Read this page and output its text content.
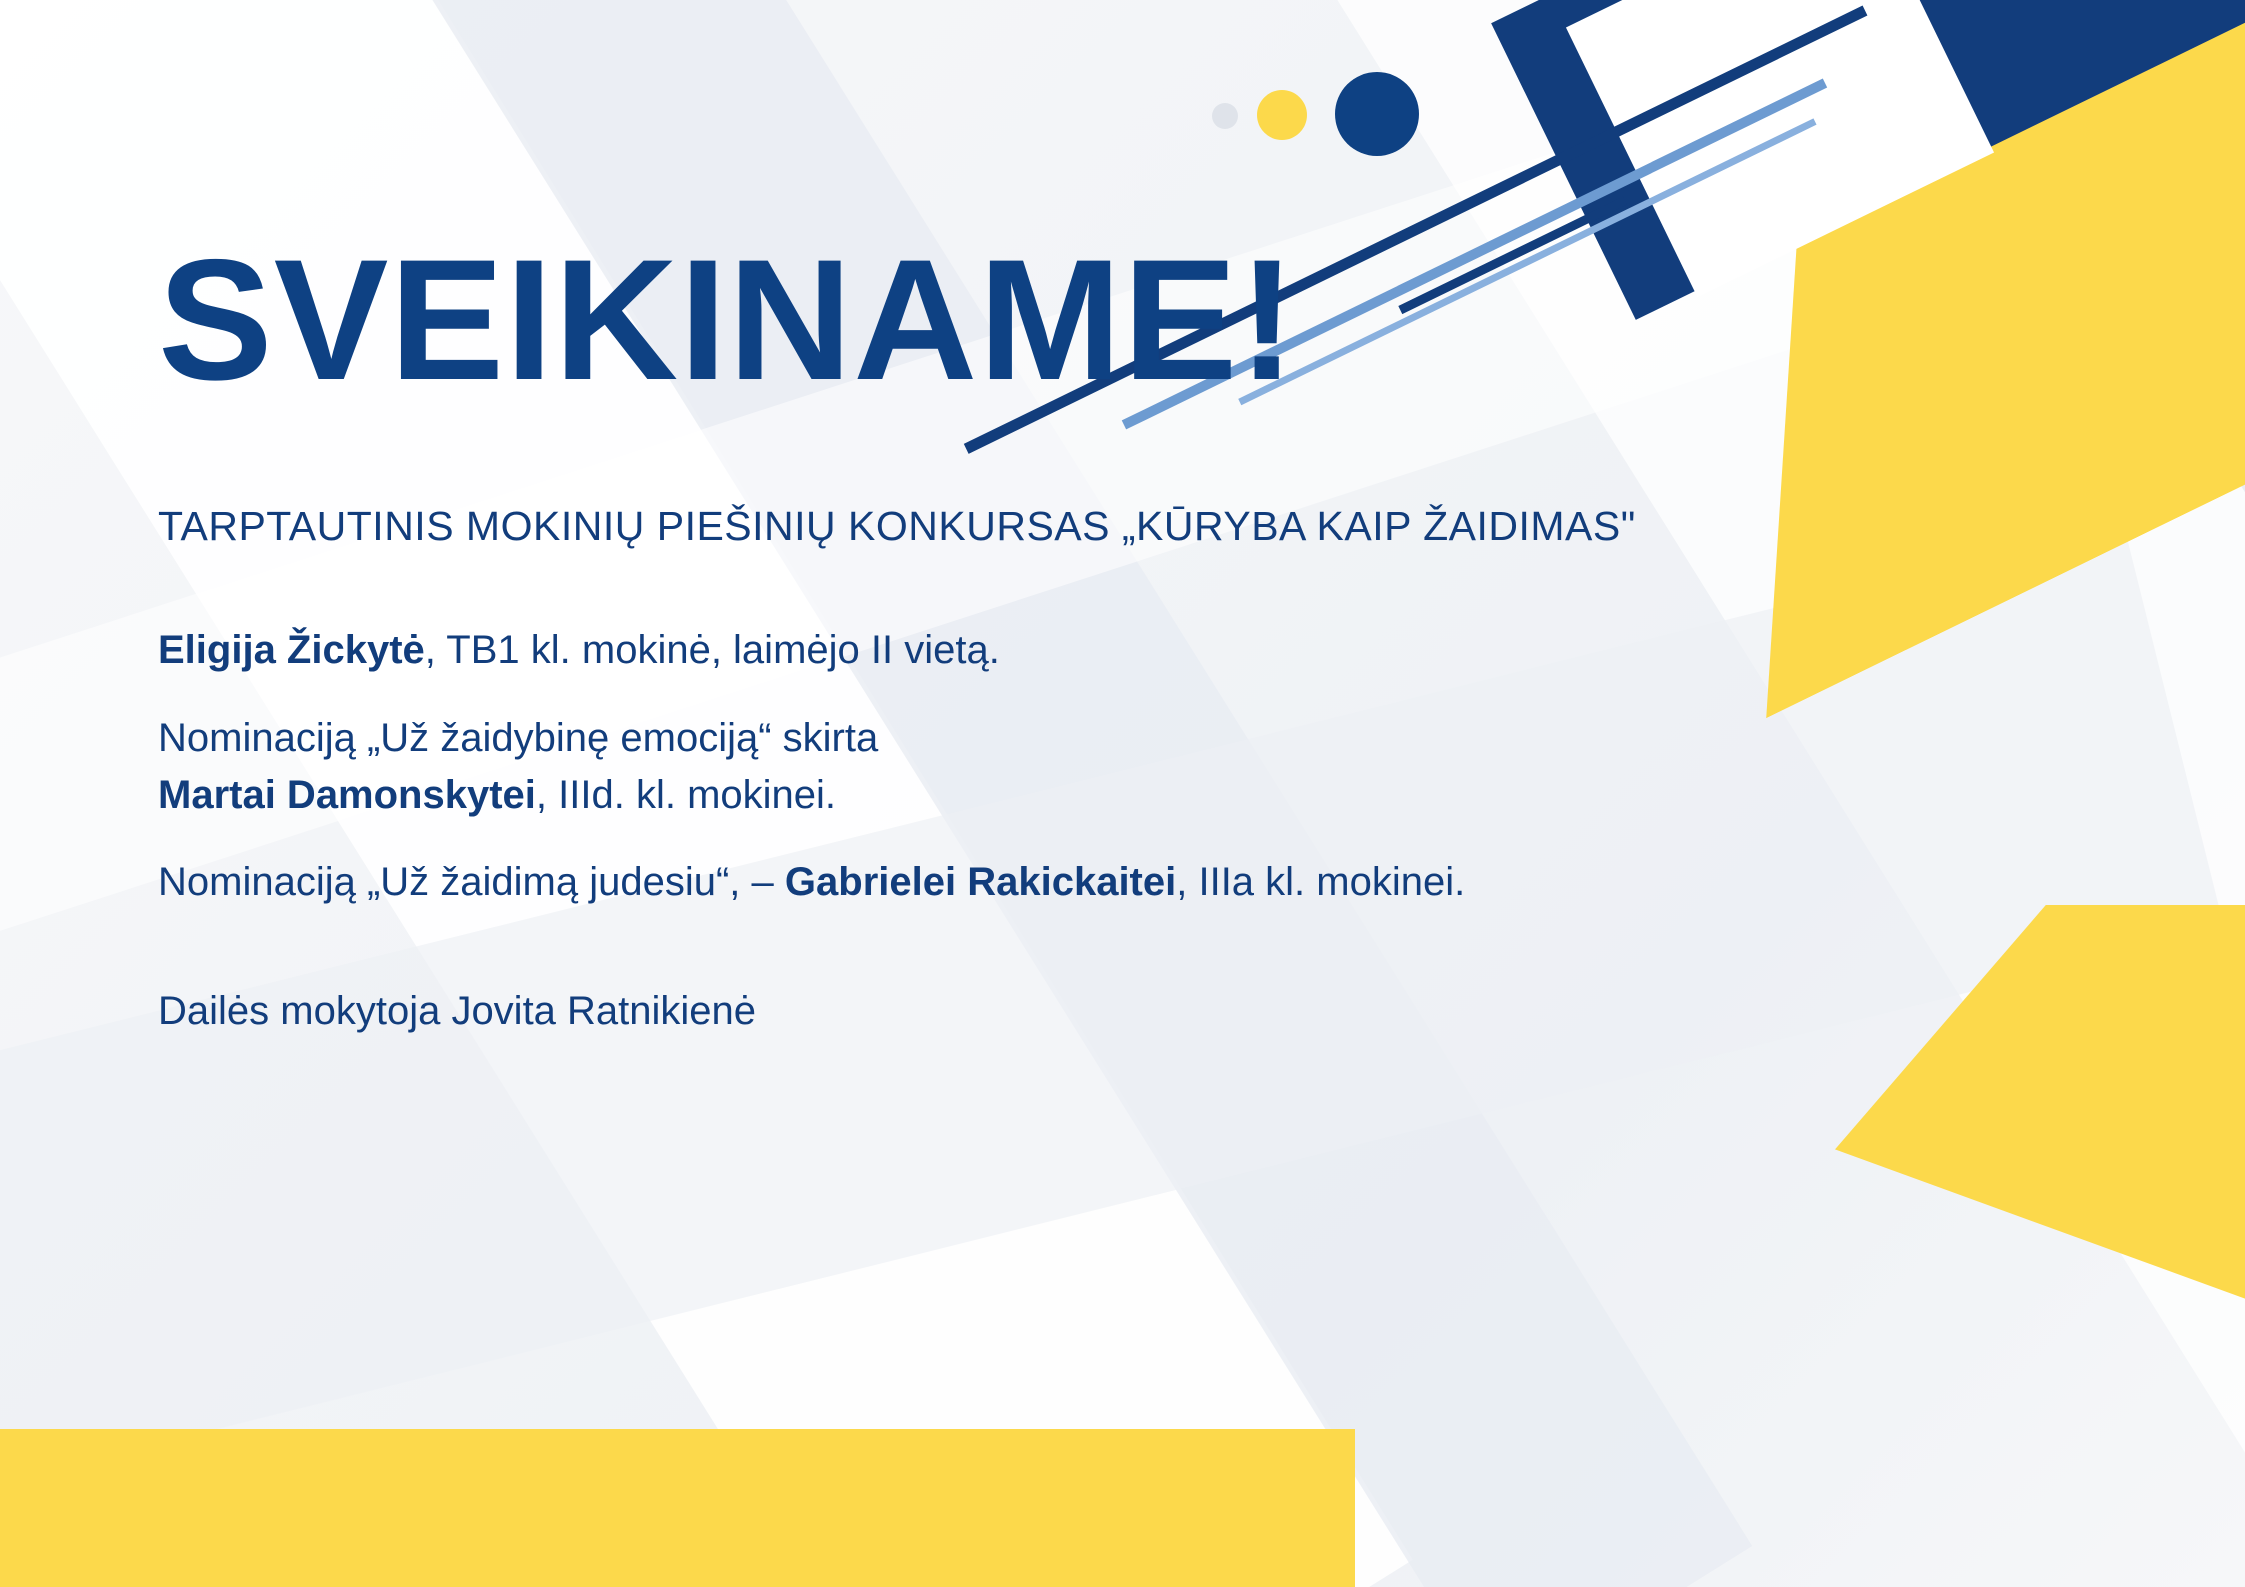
SVEIKINAME!
TARPTAUTINIS MOKINIŲ PIEŠINIŲ KONKURSAS „KŪRYBA KAIP ŽAIDIMAS"

Eligija Žickytė, TB1 kl. mokinė, laimėjo II vietą.

Nominaciją „Už žaidybinę emociją“ skirta
Martai Damonskytei, IIId. kl. mokinei.

Nominaciją „Už žaidimą judesiu“, – Gabrielei Rakickaitei, IIIa kl. mokinei.

Dailės mokytoja Jovita Ratnikienė
